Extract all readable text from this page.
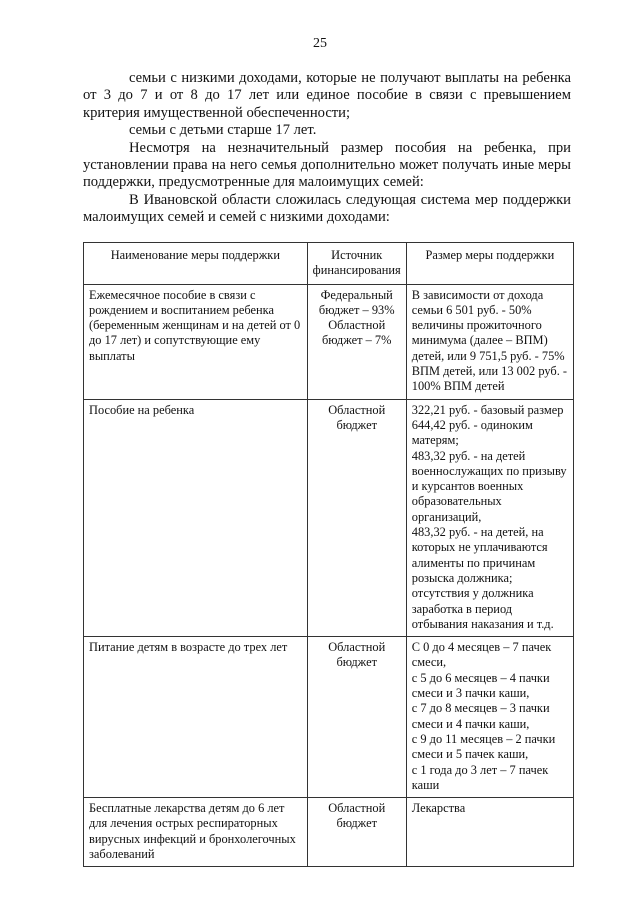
25

семьи с низкими доходами, которые не получают выплаты на ребенка от 3 до 7 и от 8 до 17 лет или единое пособие в связи с превышением критерия имущественной обеспеченности;

семьи с детьми старше 17 лет.

Несмотря на незначительный размер пособия на ребенка, при установлении права на него семья дополнительно может получать иные меры поддержки, предусмотренные для малоимущих семей:

В Ивановской области сложилась следующая система мер поддержки малоимущих семей и семей с низкими доходами:

Наименование меры поддержки	Источник финансирования	Размер меры поддержки
Ежемесячное пособие в связи с рождением и воспитанием ребенка (беременным женщинам и на детей от 0 до 17 лет) и сопутствующие ему выплаты	Федеральный бюджет – 93% Областной бюджет – 7%	В зависимости от дохода семьи 6 501 руб. - 50% величины прожиточного минимума (далее – ВПМ) детей, или 9 751,5 руб. - 75% ВПМ детей, или 13 002 руб. - 100% ВПМ детей
Пособие на ребенка	Областной бюджет	322,21 руб. - базовый размер
644,42 руб. - одиноким матерям;
483,32 руб. - на детей военнослужащих по призыву и курсантов военных образовательных организаций,
483,32 руб. - на детей, на которых не уплачиваются алименты по причинам розыска должника; отсутствия у должника заработка в период отбывания наказания и т.д.
Питание детям в возрасте до трех лет	Областной бюджет	С 0 до 4 месяцев – 7 пачек смеси,
с 5 до 6 месяцев – 4 пачки смеси и 3 пачки каши,
с 7 до 8 месяцев – 3 пачки смеси и 4 пачки каши,
с 9 до 11 месяцев – 2 пачки смеси и 5 пачек каши,
с 1 года до 3 лет – 7 пачек каши
Бесплатные лекарства детям до 6 лет для лечения острых респираторных вирусных инфекций и бронхолегочных заболеваний	Областной бюджет	Лекарства
